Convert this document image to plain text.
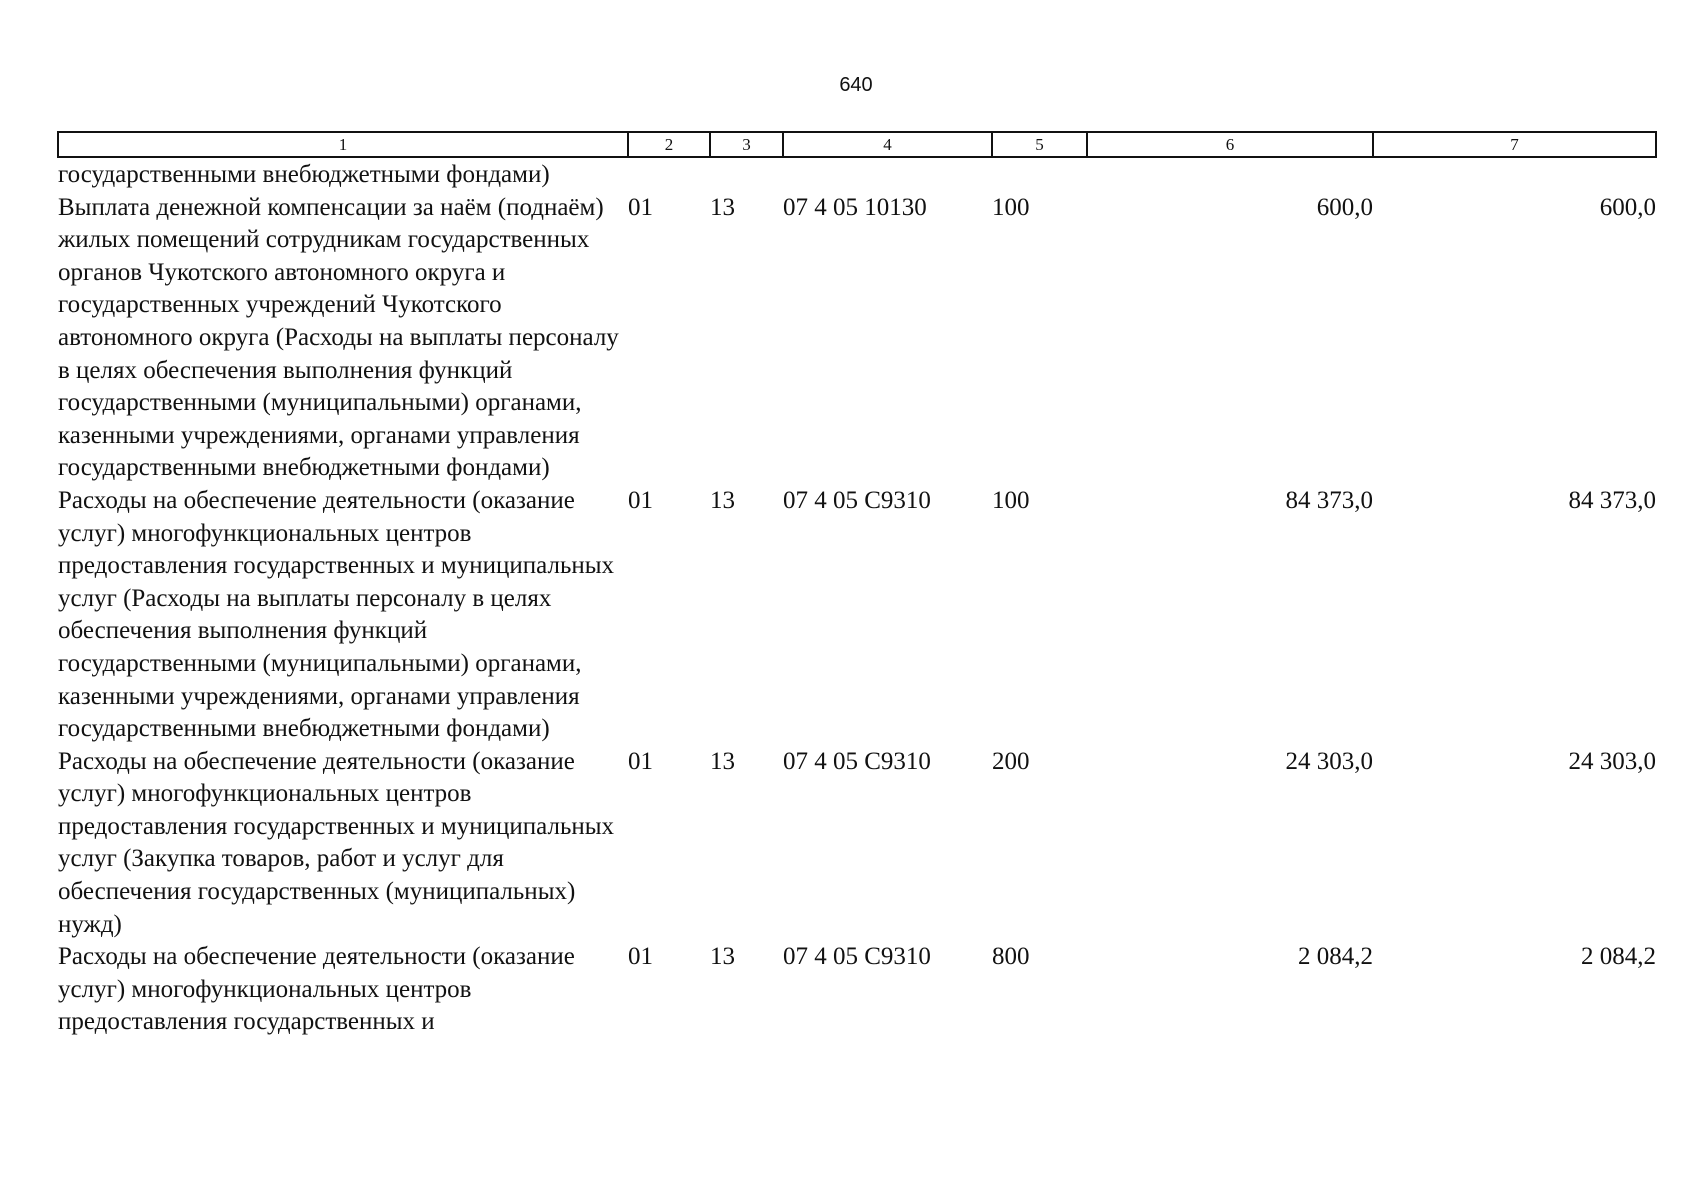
640
1	2	3	4	5	6	7
государственными внебюджетными фондами)						
Выплата денежной компенсации за наём (поднаём) жилых помещений сотрудникам государственных органов Чукотского автономного округа и государственных учреждений Чукотского автономного округа (Расходы на выплаты персоналу в целях обеспечения выполнения функций государственными (муниципальными) органами, казенными учреждениями, органами управления государственными внебюджетными фондами)	01	13	07 4 05 10130	100	600,0	600,0
Расходы на обеспечение деятельности (оказание услуг) многофункциональных центров предоставления государственных и муниципальных услуг (Расходы на выплаты персоналу в целях обеспечения выполнения функций государственными (муниципальными) органами, казенными учреждениями, органами управления государственными внебюджетными фондами)	01	13	07 4 05 С9310	100	84 373,0	84 373,0
Расходы на обеспечение деятельности (оказание услуг) многофункциональных центров предоставления государственных и муниципальных услуг (Закупка товаров, работ и услуг для обеспечения государственных (муниципальных) нужд)	01	13	07 4 05 С9310	200	24 303,0	24 303,0
Расходы на обеспечение деятельности (оказание услуг) многофункциональных центров предоставления государственных и	01	13	07 4 05 С9310	800	2 084,2	2 084,2
